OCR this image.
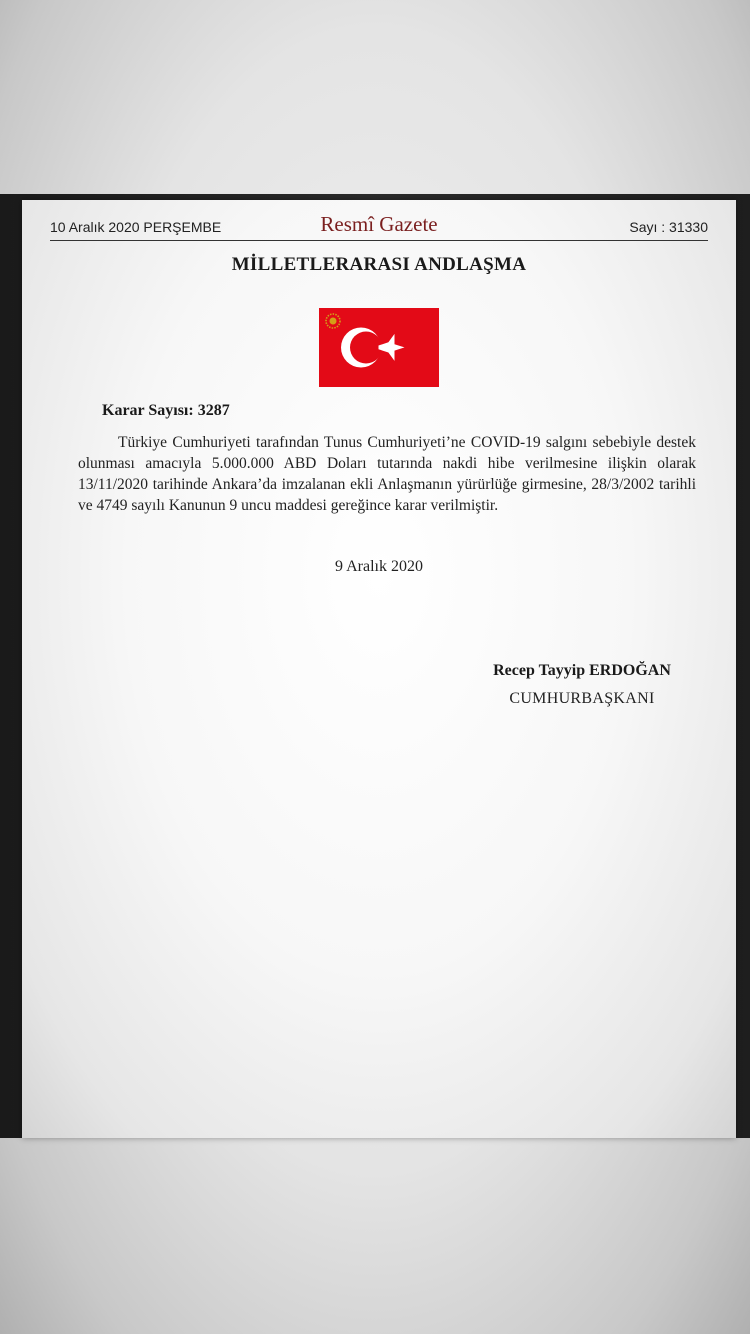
10 Aralık 2020 PERŞEMBE	Resmî Gazete	Sayı : 31330
MİLLETLERARASI ANDLAŞMA
Karar Sayısı: 3287
Türkiye Cumhuriyeti tarafından Tunus Cumhuriyeti’ne COVID-19 salgını sebebiyle destek olunması amacıyla 5.000.000 ABD Doları tutarında nakdi hibe verilmesine ilişkin olarak 13/11/2020 tarihinde Ankara’da imzalanan ekli Anlaşmanın yürürlüğe girmesine, 28/3/2002 tarihli ve 4749 sayılı Kanunun 9 uncu maddesi gereğince karar verilmiştir.
9 Aralık 2020
Recep Tayyip ERDOĞAN
CUMHURBAŞKANI
